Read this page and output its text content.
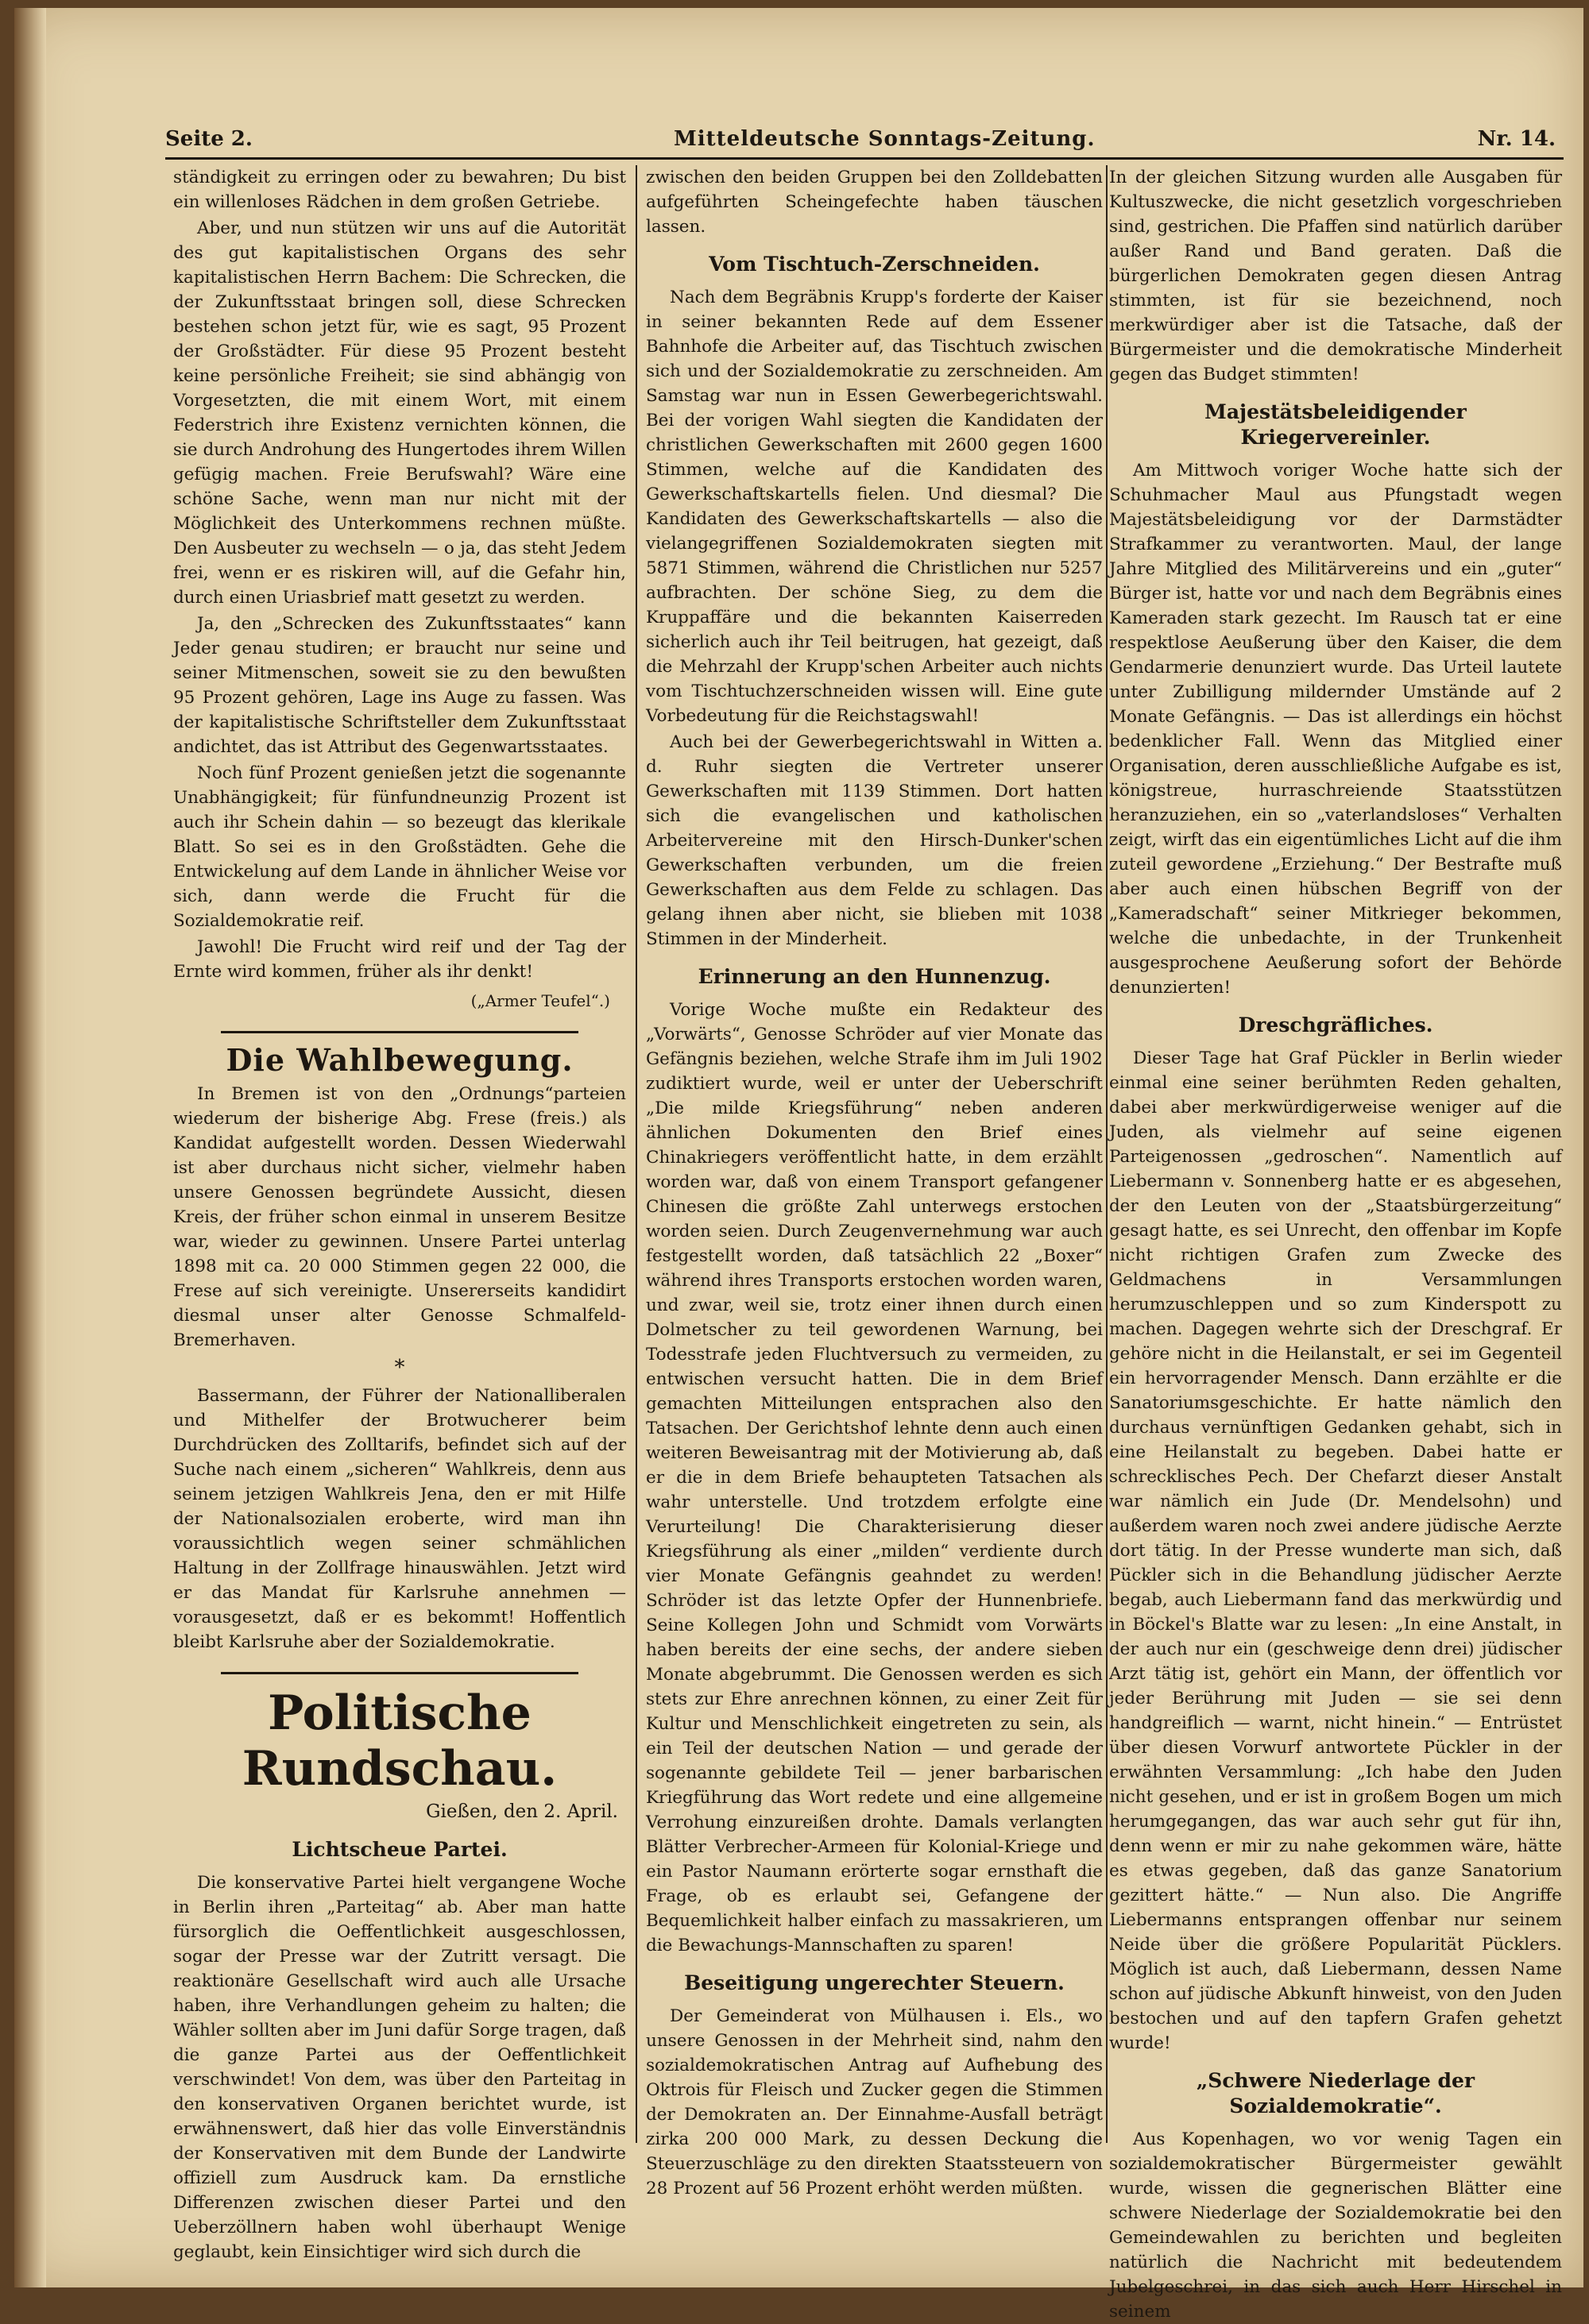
Seite 2.	Mitteldeutsche Sonntags-Zeitung.	Nr. 14.

ständigkeit zu erringen oder zu bewahren; Du bist ein willenloses Rädchen in dem großen Getriebe.

Aber, und nun stützen wir uns auf die Autorität des gut kapitalistischen Organs des sehr kapitalistischen Herrn Bachem: Die Schrecken, die der Zukunftsstaat bringen soll, diese Schrecken bestehen schon jetzt für, wie es sagt, 95 Prozent der Großstädter. Für diese 95 Prozent besteht keine persönliche Freiheit; sie sind abhängig von Vorgesetzten, die mit einem Wort, mit einem Federstrich ihre Existenz vernichten können, die sie durch Androhung des Hungertodes ihrem Willen gefügig machen. Freie Berufswahl? Wäre eine schöne Sache, wenn man nur nicht mit der Möglichkeit des Unterkommens rechnen müßte. Den Ausbeuter zu wechseln — o ja, das steht Jedem frei, wenn er es riskiren will, auf die Gefahr hin, durch einen Uriasbrief matt gesetzt zu werden.

Ja, den „Schrecken des Zukunftsstaates“ kann Jeder genau studiren; er braucht nur seine und seiner Mitmenschen, soweit sie zu den bewußten 95 Prozent gehören, Lage ins Auge zu fassen. Was der kapitalistische Schriftsteller dem Zukunftsstaat andichtet, das ist Attribut des Gegenwartsstaates.

Noch fünf Prozent genießen jetzt die sogenannte Unabhängigkeit; für fünfundneunzig Prozent ist auch ihr Schein dahin — so bezeugt das klerikale Blatt. So sei es in den Großstädten. Gehe die Entwickelung auf dem Lande in ähnlicher Weise vor sich, dann werde die Frucht für die Sozialdemokratie reif.

Jawohl! Die Frucht wird reif und der Tag der Ernte wird kommen, früher als ihr denkt!

(„Armer Teufel“.)
Die Wahlbewegung.

In Bremen ist von den „Ordnungs“parteien wiederum der bisherige Abg. Frese (freis.) als Kandidat aufgestellt worden. Dessen Wiederwahl ist aber durchaus nicht sicher, vielmehr haben unsere Genossen begründete Aussicht, diesen Kreis, der früher schon einmal in unserem Besitze war, wieder zu gewinnen. Unsere Partei unterlag 1898 mit ca. 20 000 Stimmen gegen 22 000, die Frese auf sich vereinigte. Unsererseits kandidirt diesmal unser alter Genosse Schmalfeld-Bremerhaven.

*

Bassermann, der Führer der Nationalliberalen und Mithelfer der Brotwucherer beim Durchdrücken des Zolltarifs, befindet sich auf der Suche nach einem „sicheren“ Wahlkreis, denn aus seinem jetzigen Wahlkreis Jena, den er mit Hilfe der Nationalsozialen eroberte, wird man ihn voraussichtlich wegen seiner schmählichen Haltung in der Zollfrage hinauswählen. Jetzt wird er das Mandat für Karlsruhe annehmen — vorausgesetzt, daß er es bekommt! Hoffentlich bleibt Karlsruhe aber der Sozialdemokratie.

Politische Rundschau.
Gießen, den 2. April.
Lichtscheue Partei.

Die konservative Partei hielt vergangene Woche in Berlin ihren „Parteitag“ ab. Aber man hatte fürsorglich die Oeffentlichkeit ausgeschlossen, sogar der Presse war der Zutritt versagt. Die reaktionäre Gesellschaft wird auch alle Ursache haben, ihre Verhandlungen geheim zu halten; die Wähler sollten aber im Juni dafür Sorge tragen, daß die ganze Partei aus der Oeffentlichkeit verschwindet! Von dem, was über den Parteitag in den konservativen Organen berichtet wurde, ist erwähnenswert, daß hier das volle Einverständnis der Konservativen mit dem Bunde der Landwirte offiziell zum Ausdruck kam. Da ernstliche Differenzen zwischen dieser Partei und den Ueberzöllnern haben wohl überhaupt Wenige geglaubt, kein Einsichtiger wird sich durch die

zwischen den beiden Gruppen bei den Zolldebatten aufgeführten Scheingefechte haben täuschen lassen.

Vom Tischtuch-Zerschneiden.

Nach dem Begräbnis Krupp's forderte der Kaiser in seiner bekannten Rede auf dem Essener Bahnhofe die Arbeiter auf, das Tischtuch zwischen sich und der Sozialdemokratie zu zerschneiden. Am Samstag war nun in Essen Gewerbegerichtswahl. Bei der vorigen Wahl siegten die Kandidaten der christlichen Gewerkschaften mit 2600 gegen 1600 Stimmen, welche auf die Kandidaten des Gewerkschaftskartells fielen. Und diesmal? Die Kandidaten des Gewerkschaftskartells — also die vielangegriffenen Sozialdemokraten siegten mit 5871 Stimmen, während die Christlichen nur 5257 aufbrachten. Der schöne Sieg, zu dem die Kruppaffäre und die bekannten Kaiserreden sicherlich auch ihr Teil beitrugen, hat gezeigt, daß die Mehrzahl der Krupp'schen Arbeiter auch nichts vom Tischtuchzerschneiden wissen will. Eine gute Vorbedeutung für die Reichstagswahl!

Auch bei der Gewerbegerichtswahl in Witten a. d. Ruhr siegten die Vertreter unserer Gewerkschaften mit 1139 Stimmen. Dort hatten sich die evangelischen und katholischen Arbeitervereine mit den Hirsch-Dunker'schen Gewerkschaften verbunden, um die freien Gewerkschaften aus dem Felde zu schlagen. Das gelang ihnen aber nicht, sie blieben mit 1038 Stimmen in der Minderheit.

Erinnerung an den Hunnenzug.

Vorige Woche mußte ein Redakteur des „Vorwärts“, Genosse Schröder auf vier Monate das Gefängnis beziehen, welche Strafe ihm im Juli 1902 zudiktiert wurde, weil er unter der Ueberschrift „Die milde Kriegsführung“ neben anderen ähnlichen Dokumenten den Brief eines Chinakriegers veröffentlicht hatte, in dem erzählt worden war, daß von einem Transport gefangener Chinesen die größte Zahl unterwegs erstochen worden seien. Durch Zeugenvernehmung war auch festgestellt worden, daß tatsächlich 22 „Boxer“ während ihres Transports erstochen worden waren, und zwar, weil sie, trotz einer ihnen durch einen Dolmetscher zu teil gewordenen Warnung, bei Todesstrafe jeden Fluchtversuch zu vermeiden, zu entwischen versucht hatten. Die in dem Brief gemachten Mitteilungen entsprachen also den Tatsachen. Der Gerichtshof lehnte denn auch einen weiteren Beweisantrag mit der Motivierung ab, daß er die in dem Briefe behaupteten Tatsachen als wahr unterstelle. Und trotzdem erfolgte eine Verurteilung! Die Charakterisierung dieser Kriegsführung als einer „milden“ verdiente durch vier Monate Gefängnis geahndet zu werden! Schröder ist das letzte Opfer der Hunnenbriefe. Seine Kollegen John und Schmidt vom Vorwärts haben bereits der eine sechs, der andere sieben Monate abgebrummt. Die Genossen werden es sich stets zur Ehre anrechnen können, zu einer Zeit für Kultur und Menschlichkeit eingetreten zu sein, als ein Teil der deutschen Nation — und gerade der sogenannte gebildete Teil — jener barbarischen Kriegführung das Wort redete und eine allgemeine Verrohung einzureißen drohte. Damals verlangten Blätter Verbrecher-Armeen für Kolonial-Kriege und ein Pastor Naumann erörterte sogar ernsthaft die Frage, ob es erlaubt sei, Gefangene der Bequemlichkeit halber einfach zu massakrieren, um die Bewachungs-Mannschaften zu sparen!

Beseitigung ungerechter Steuern.

Der Gemeinderat von Mülhausen i. Els., wo unsere Genossen in der Mehrheit sind, nahm den sozialdemokratischen Antrag auf Aufhebung des Oktrois für Fleisch und Zucker gegen die Stimmen der Demokraten an. Der Einnahme-Ausfall beträgt zirka 200 000 Mark, zu dessen Deckung die Steuerzuschläge zu den direkten Staatssteuern von 28 Prozent auf 56 Prozent erhöht werden müßten.

In der gleichen Sitzung wurden alle Ausgaben für Kultuszwecke, die nicht gesetzlich vorgeschrieben sind, gestrichen. Die Pfaffen sind natürlich darüber außer Rand und Band geraten. Daß die bürgerlichen Demokraten gegen diesen Antrag stimmten, ist für sie bezeichnend, noch merkwürdiger aber ist die Tatsache, daß der Bürgermeister und die demokratische Minderheit gegen das Budget stimmten!

Majestätsbeleidigender Kriegervereinler.

Am Mittwoch voriger Woche hatte sich der Schuhmacher Maul aus Pfungstadt wegen Majestätsbeleidigung vor der Darmstädter Strafkammer zu verantworten. Maul, der lange Jahre Mitglied des Militärvereins und ein „guter“ Bürger ist, hatte vor und nach dem Begräbnis eines Kameraden stark gezecht. Im Rausch tat er eine respektlose Aeußerung über den Kaiser, die dem Gendarmerie denunziert wurde. Das Urteil lautete unter Zubilligung mildernder Umstände auf 2 Monate Gefängnis. — Das ist allerdings ein höchst bedenklicher Fall. Wenn das Mitglied einer Organisation, deren ausschließliche Aufgabe es ist, königstreue, hurraschreiende Staatsstützen heranzuziehen, ein so „vaterlandsloses“ Verhalten zeigt, wirft das ein eigentümliches Licht auf die ihm zuteil gewordene „Erziehung.“ Der Bestrafte muß aber auch einen hübschen Begriff von der „Kameradschaft“ seiner Mitkrieger bekommen, welche die unbedachte, in der Trunkenheit ausgesprochene Aeußerung sofort der Behörde denunzierten!

Dreschgräfliches.

Dieser Tage hat Graf Pückler in Berlin wieder einmal eine seiner berühmten Reden gehalten, dabei aber merkwürdigerweise weniger auf die Juden, als vielmehr auf seine eigenen Parteigenossen „gedroschen“. Namentlich auf Liebermann v. Sonnenberg hatte er es abgesehen, der den Leuten von der „Staatsbürgerzeitung“ gesagt hatte, es sei Unrecht, den offenbar im Kopfe nicht richtigen Grafen zum Zwecke des Geldmachens in Versammlungen herumzuschleppen und so zum Kinderspott zu machen. Dagegen wehrte sich der Dreschgraf. Er gehöre nicht in die Heilanstalt, er sei im Gegenteil ein hervorragender Mensch. Dann erzählte er die Sanatoriumsgeschichte. Er hatte nämlich den durchaus vernünftigen Gedanken gehabt, sich in eine Heilanstalt zu begeben. Dabei hatte er schrecklisches Pech. Der Chefarzt dieser Anstalt war nämlich ein Jude (Dr. Mendelsohn) und außerdem waren noch zwei andere jüdische Aerzte dort tätig. In der Presse wunderte man sich, daß Pückler sich in die Behandlung jüdischer Aerzte begab, auch Liebermann fand das merkwürdig und in Böckel's Blatte war zu lesen: „In eine Anstalt, in der auch nur ein (geschweige denn drei) jüdischer Arzt tätig ist, gehört ein Mann, der öffentlich vor jeder Berührung mit Juden — sie sei denn handgreiflich — warnt, nicht hinein.“ — Entrüstet über diesen Vorwurf antwortete Pückler in der erwähnten Versammlung: „Ich habe den Juden nicht gesehen, und er ist in großem Bogen um mich herumgegangen, das war auch sehr gut für ihn, denn wenn er mir zu nahe gekommen wäre, hätte es etwas gegeben, daß das ganze Sanatorium gezittert hätte.“ — Nun also. Die Angriffe Liebermanns entsprangen offenbar nur seinem Neide über die größere Popularität Pücklers. Möglich ist auch, daß Liebermann, dessen Name schon auf jüdische Abkunft hinweist, von den Juden bestochen und auf den tapfern Grafen gehetzt wurde!

„Schwere Niederlage der Sozialdemokratie“.

Aus Kopenhagen, wo vor wenig Tagen ein sozialdemokratischer Bürgermeister gewählt wurde, wissen die gegnerischen Blätter eine schwere Niederlage der Sozialdemokratie bei den Gemeindewahlen zu berichten und begleiten natürlich die Nachricht mit bedeutendem Jubelgeschrei, in das sich auch Herr Hirschel in seinem
